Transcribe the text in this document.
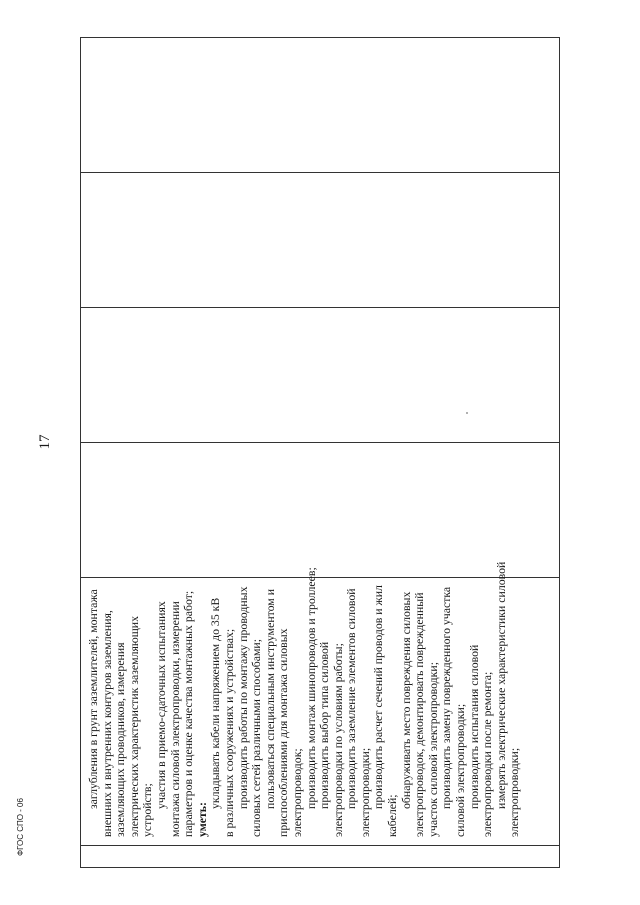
заглубления в грунт заземлителей, монтажа внешних и внутренних контуров заземления, заземляющих проводников, измерения электрических характеристик заземляющих устройств;
участия в приемо-сдаточных испытаниях монтажа силовой электропроводки, измерении параметров и оценке качества монтажных работ; уметь:
укладывать кабели напряжением до 35 кВ в различных сооружениях и устройствах; производить работы по монтажу проводных силовых сетей различными способами; пользоваться специальным инструментом и приспособлениями для монтажа силовых электропроводок; производить монтаж шинопроводов и троллеев; производить выбор типа силовой электропроводки по условиям работы; производить заземление элементов силовой электропроводки; производить расчет сечений проводов и жил
кабелей;
обнаруживать место повреждения силовых электропроводок, демонтировать поврежденный участок силовой электропроводки; производить замену поврежденного участка силовой электропроводки; производить испытания силовой электропроводки после ремонта; измерять электрические характеристики силовой электропроводки;

17
ФГОС СПО - 06
